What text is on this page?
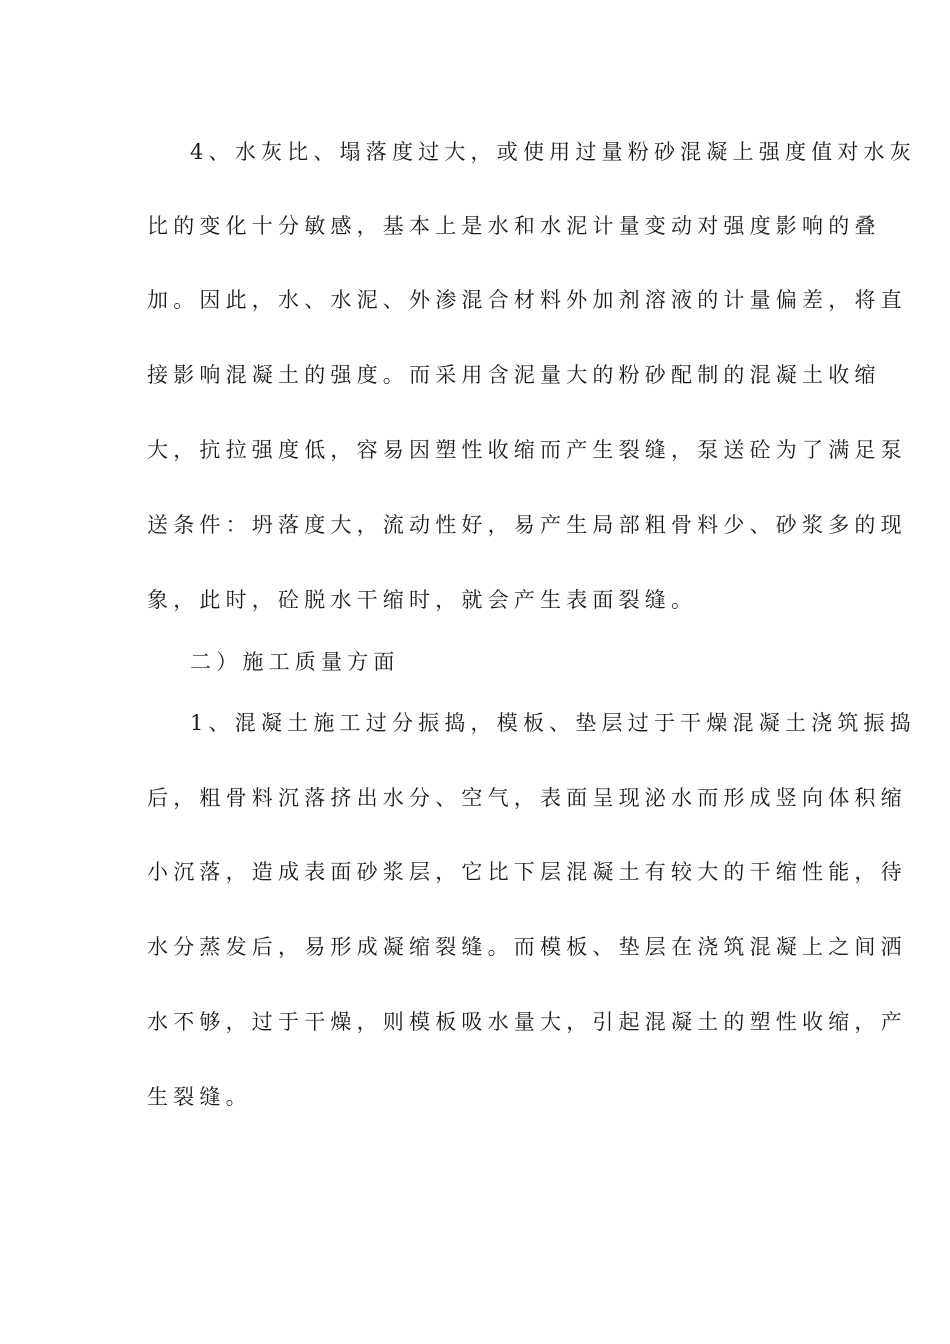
4、水灰比、塌落度过大，或使用过量粉砂混凝上强度值对水灰
比的变化十分敏感，基本上是水和水泥计量变动对强度影响的叠
加。因此，水、水泥、外渗混合材料外加剂溶液的计量偏差，将直
接影响混凝土的强度。而采用含泥量大的粉砂配制的混凝土收缩
大，抗拉强度低，容易因塑性收缩而产生裂缝，泵送砼为了满足泵
送条件：坍落度大，流动性好，易产生局部粗骨料少、砂浆多的现
象，此时，砼脱水干缩时，就会产生表面裂缝。
二）施工质量方面
1、混凝土施工过分振捣，模板、垫层过于干燥混凝土浇筑振捣
后，粗骨料沉落挤出水分、空气，表面呈现泌水而形成竖向体积缩
小沉落，造成表面砂浆层，它比下层混凝土有较大的干缩性能，待
水分蒸发后，易形成凝缩裂缝。而模板、垫层在浇筑混凝上之间洒
水不够，过于干燥，则模板吸水量大，引起混凝土的塑性收缩，产
生裂缝。
